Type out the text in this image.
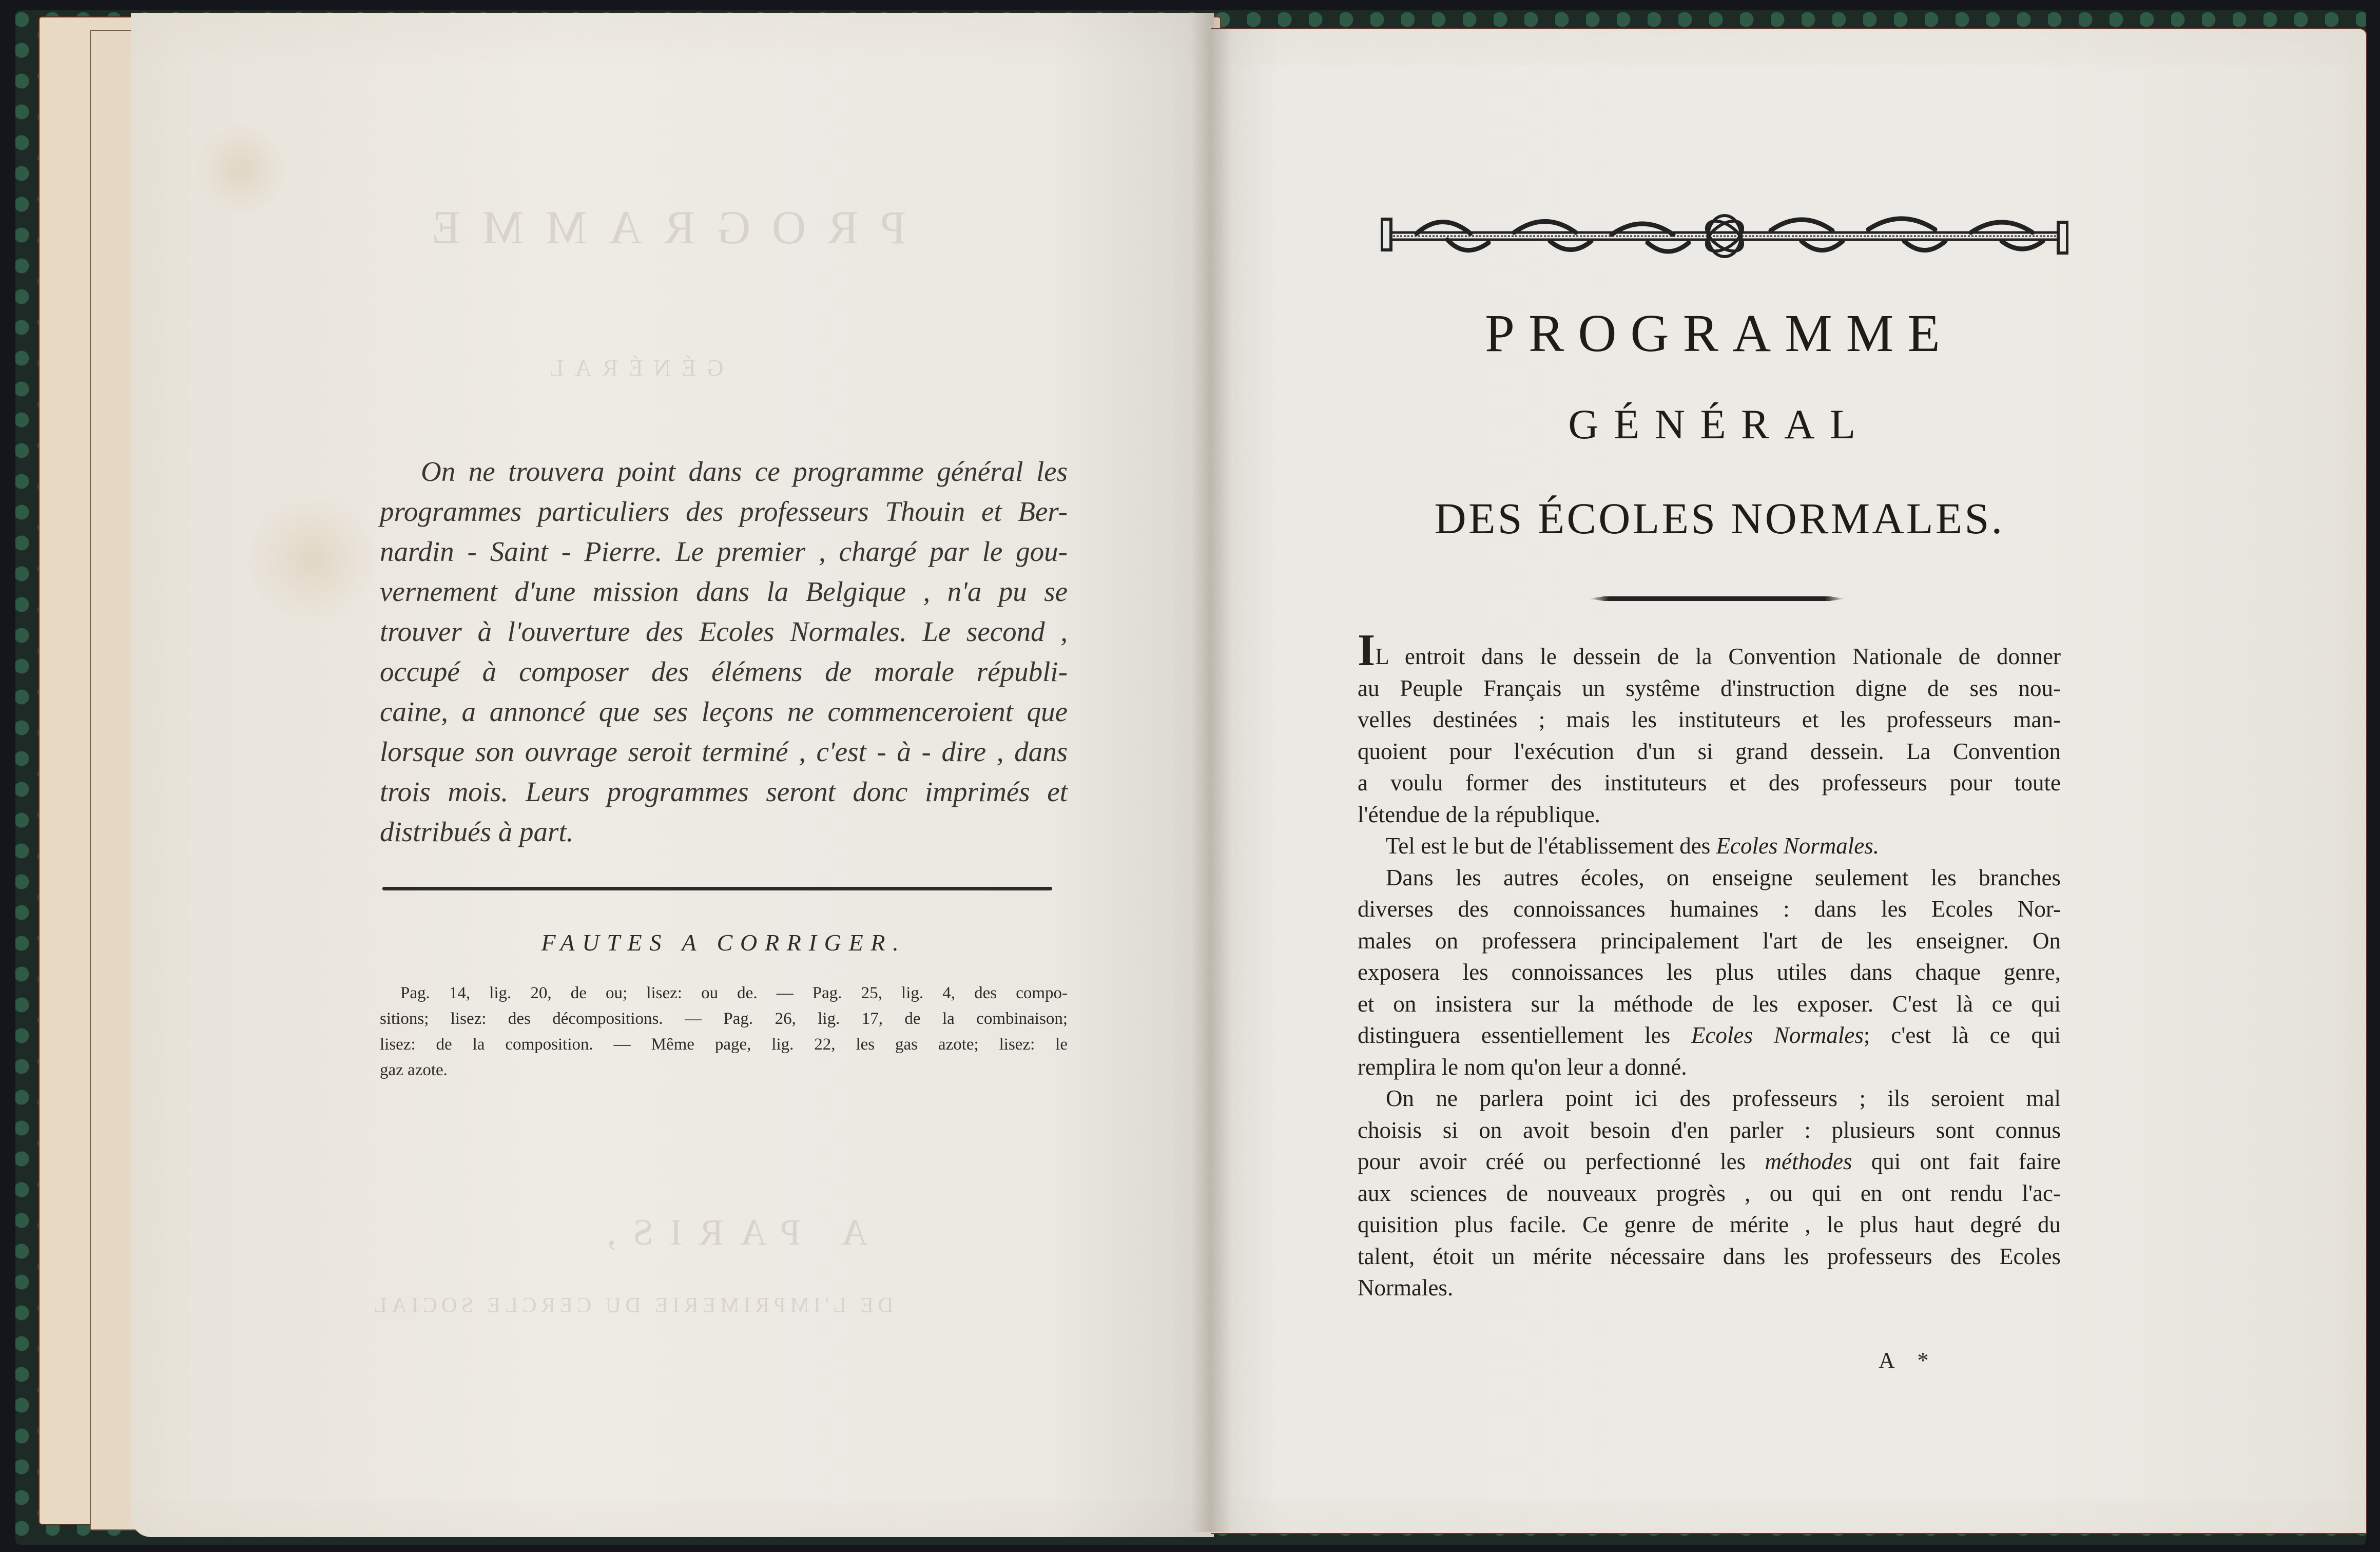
PROGRAMME
GÉNÉRAL
A PARIS,
DE L'IMPRIMERIE DU CERCLE SOCIAL
On ne trouvera point dans ce programme général les
programmes particuliers des professeurs Thouin et Ber-
nardin - Saint - Pierre. Le premier , chargé par le gou-
vernement d'une mission dans la Belgique , n'a pu se
trouver à l'ouverture des Ecoles Normales. Le second ,
occupé à composer des élémens de morale républi-
caine, a annoncé que ses leçons ne commenceroient que
lorsque son ouvrage seroit terminé , c'est - à - dire , dans
trois mois. Leurs programmes seront donc imprimés et
distribués à part.
FAUTES A CORRIGER.
Pag. 14, lig. 20, de ou; lisez: ou de. — Pag. 25, lig. 4, des compo-
sitions; lisez: des décompositions. — Pag. 26, lig. 17, de la combinaison;
lisez: de la composition. — Même page, lig. 22, les gas azote; lisez: le
gaz azote.
PROGRAMME
GÉNÉRAL
DES ÉCOLES NORMALES.
IL entroit dans le dessein de la Convention Nationale de donner
au Peuple Français un systême d'instruction digne de ses nou-
velles destinées ; mais les instituteurs et les professeurs man-
quoient pour l'exécution d'un si grand dessein. La Convention
a voulu former des instituteurs et des professeurs pour toute
l'étendue de la république.
Tel est le but de l'établissement des Ecoles Normales.
Dans les autres écoles, on enseigne seulement les branches
diverses des connoissances humaines : dans les Ecoles Nor-
males on professera principalement l'art de les enseigner. On
exposera les connoissances les plus utiles dans chaque genre,
et on insistera sur la méthode de les exposer. C'est là ce qui
distinguera essentiellement les Ecoles Normales; c'est là ce qui
remplira le nom qu'on leur a donné.
On ne parlera point ici des professeurs ; ils seroient mal
choisis si on avoit besoin d'en parler : plusieurs sont connus
pour avoir créé ou perfectionné les méthodes qui ont fait faire
aux sciences de nouveaux progrès , ou qui en ont rendu l'ac-
quisition plus facile. Ce genre de mérite , le plus haut degré du
talent, étoit un mérite nécessaire dans les professeurs des Ecoles
Normales.
A *
